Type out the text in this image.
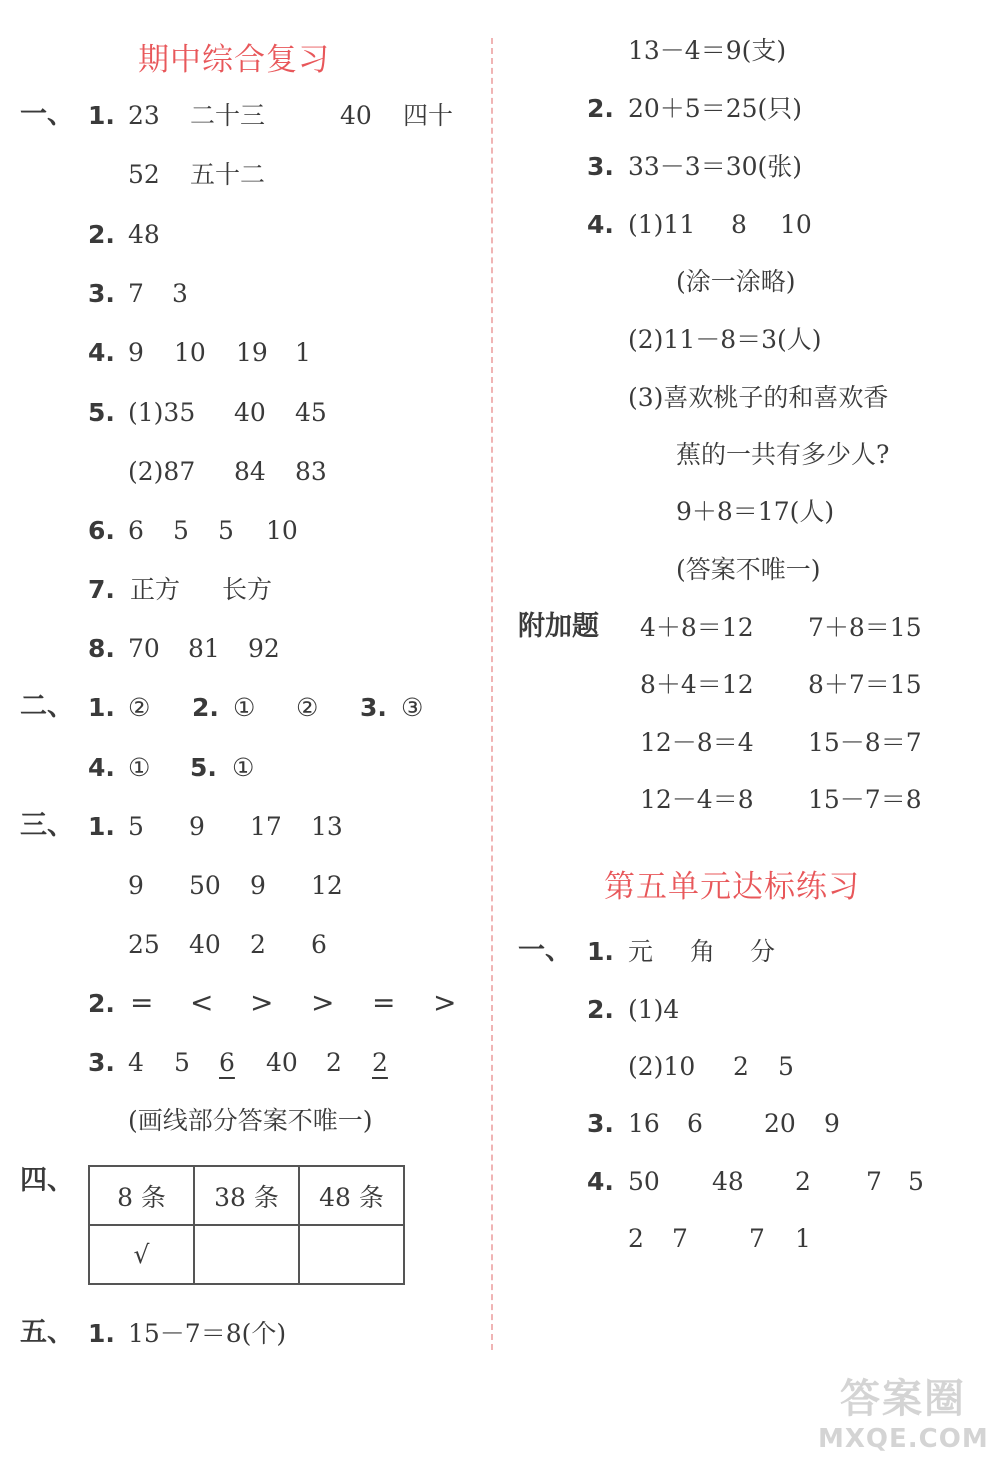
期中综合复习
一、 1. 23 二十三	40 四十
52 五十二
2. 48
3. 7 3
4. 9 10 19 1
5. (1)35 40 45
(2)87 84 83
6. 6 5 5 10
7. 正方 长方
8. 70 81 92
二、 1. ② 2. ① ② 3. ③
4. ① 5. ①
三、 1. 5 9 17 13
9 50 9 12
25 40 2 6
2. = < > > = >
3. 4 5 6 40 2 2
(画线部分答案不唯一)
四、
8 条	38 条	48 条
√		
五、 1. 15－7＝8(个)
13－4＝9(支)
2. 20＋5＝25(只)
3. 33－3＝30(张)
4. (1)11 8 10
(涂一涂略)
(2)11－8＝3(人)
(3)喜欢桃子的和喜欢香
蕉的一共有多少人?
9＋8＝17(人)
(答案不唯一)
附加题 4＋8＝12 7＋8＝15
8＋4＝12 8＋7＝15
12－8＝4 15－8＝7
12－4＝8 15－7＝8
第五单元达标练习
一、 1. 元 角 分
2. (1)4
(2)10 2 5
3. 16 6 20 9
4. 50 48 2 7 5
2 7 7 1
答案圈
MXQE.COM
